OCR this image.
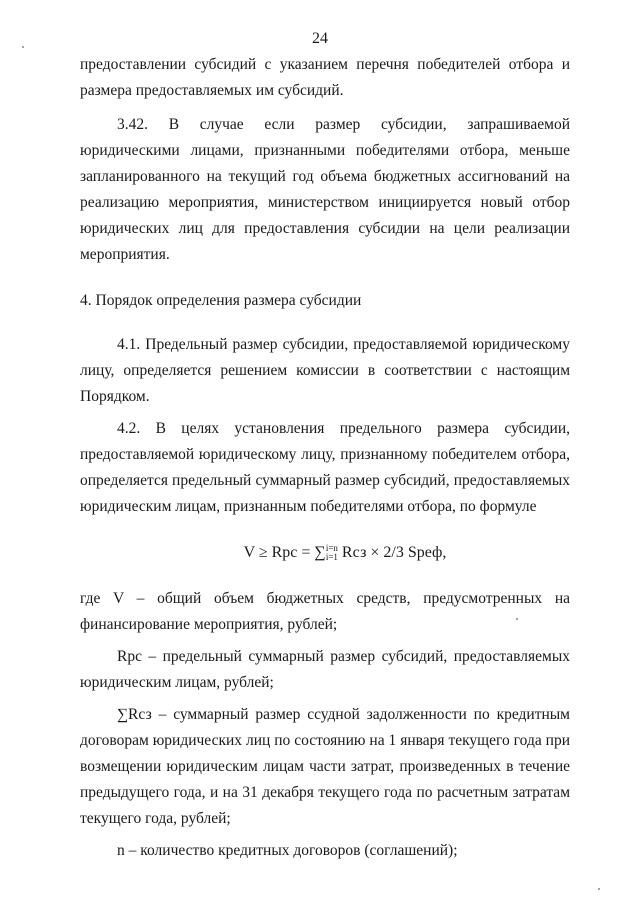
24

предоставлении субсидий с указанием перечня победителей отбора и размера предоставляемых им субсидий.

3.42. В случае если размер субсидии, запрашиваемой юридическими лицами, признанными победителями отбора, меньше запланированного на текущий год объема бюджетных ассигнований на реализацию мероприятия, министерством инициируется новый отбор юридических лиц для предоставления субсидии на цели реализации мероприятия.

4. Порядок определения размера субсидии

4.1. Предельный размер субсидии, предоставляемой юридическому лицу, определяется решением комиссии в соответствии с настоящим Порядком.

4.2. В целях установления предельного размера субсидии, предоставляемой юридическому лицу, признанному победителем отбора, определяется предельный суммарный размер субсидий, предоставляемых юридическим лицам, признанным победителями отбора, по формуле

V ≥ Rрс = ∑ i=n
i=1 Rсз × 2/3 Sреф,

где V – общий объем бюджетных средств, предусмотренных на финансирование мероприятия, рублей;

Rрс – предельный суммарный размер субсидий, предоставляемых юридическим лицам, рублей;

∑Rсз – суммарный размер ссудной задолженности по кредитным договорам юридических лиц по состоянию на 1 января текущего года при возмещении юридическим лицам части затрат, произведенных в течение предыдущего года, и на 31 декабря текущего года по расчетным затратам текущего года, рублей;

n – количество кредитных договоров (соглашений);
